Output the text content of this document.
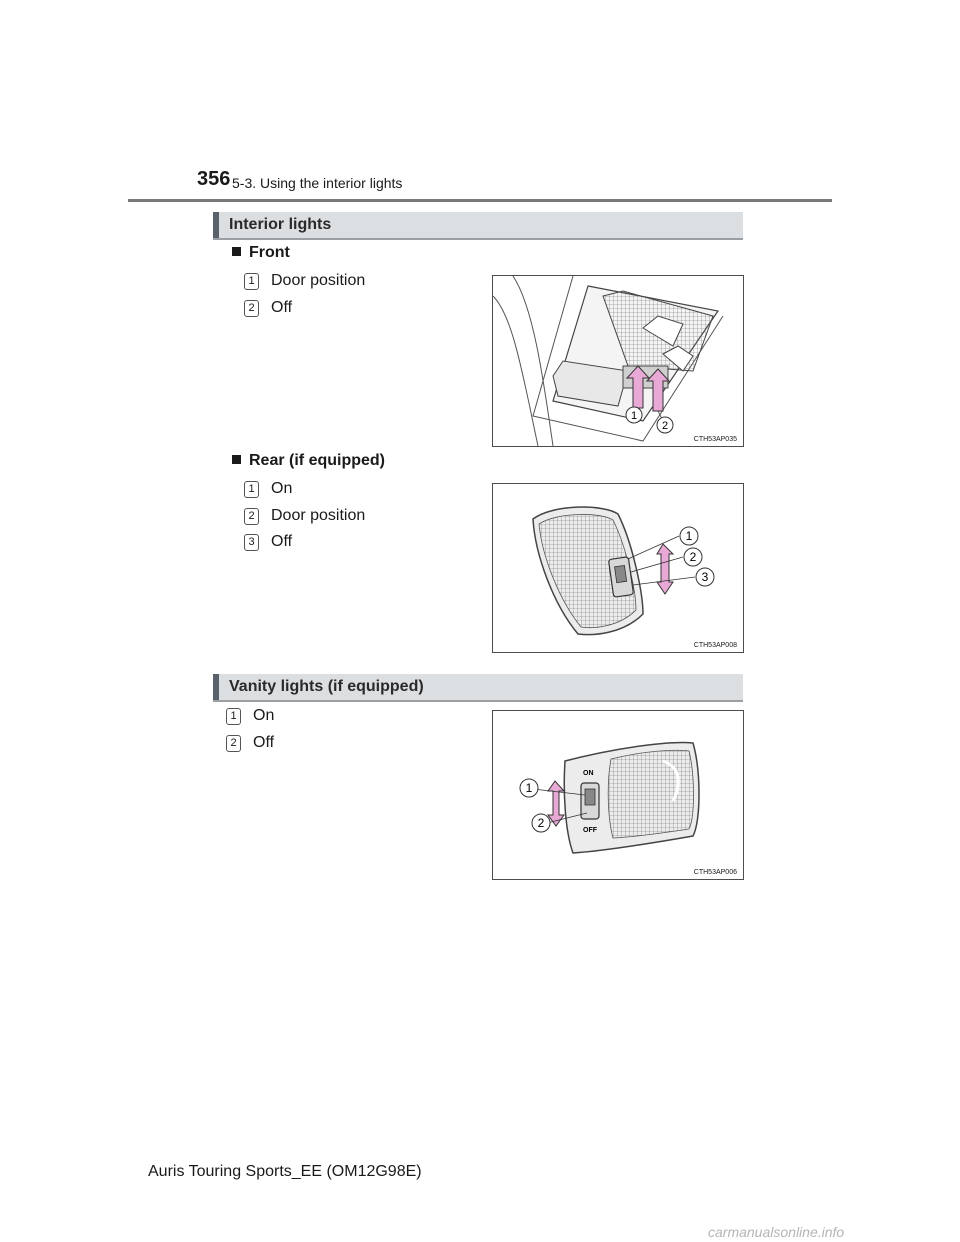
356 5-3. Using the interior lights
Interior lights
Front
1 Door position
2 Off
1
2
CTH53AP035
Rear (if equipped)
1 On
2 Door position
3 Off	1
2
3
CTH53AP008
Vanity lights (if equipped)
1 On
2 Off
ON
OFF
1
2
CTH53AP006
Auris Touring Sports_EE (OM12G98E)
carmanualsonline.info
